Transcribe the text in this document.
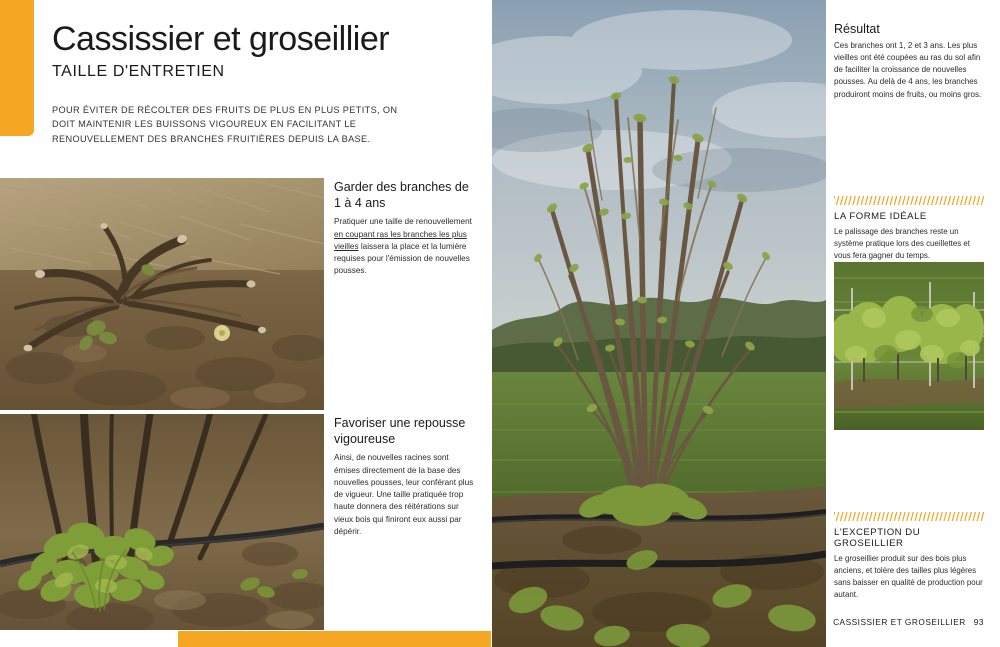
Cassissier et groseillier
TAILLE D'ENTRETIEN
POUR ÉVITER DE RÉCOLTER DES FRUITS DE PLUS EN PLUS PETITS, ON DOIT MAINTENIR LES BUISSONS VIGOUREUX EN FACILITANT LE RENOUVELLEMENT DES BRANCHES FRUITIÈRES DEPUIS LA BASE.
Garder des branches de 1 à 4 ans

Pratiquer une taille de renouvellement en coupant ras les branches les plus vieilles laissera la place et la lumière requises pour l'émission de nouvelles pousses.

Favoriser une repousse vigoureuse

Ainsi, de nouvelles racines sont émises directement de la base des nouvelles pousses, leur conférant plus de vigueur. Une taille pratiquée trop haute donnera des réitérations sur vieux bois qui finiront eux aussi par dépérir.

Résultat

Ces branches ont 1, 2 et 3 ans. Les plus vieilles ont été coupées au ras du sol afin de faciliter la croissance de nouvelles pousses. Au delà de 4 ans, les branches produiront moins de fruits, ou moins gros.

LA FORME IDÉALE

Le palissage des branches reste un système pratique lors des cueillettes et vous fera gagner du temps.

L'EXCEPTION DU GROSEILLIER

Le groseillier produit sur des bois plus anciens, et tolère des tailles plus légères sans baisser en qualité de production pour autant.

CASSISSIER ET GROSEILLIER 93
